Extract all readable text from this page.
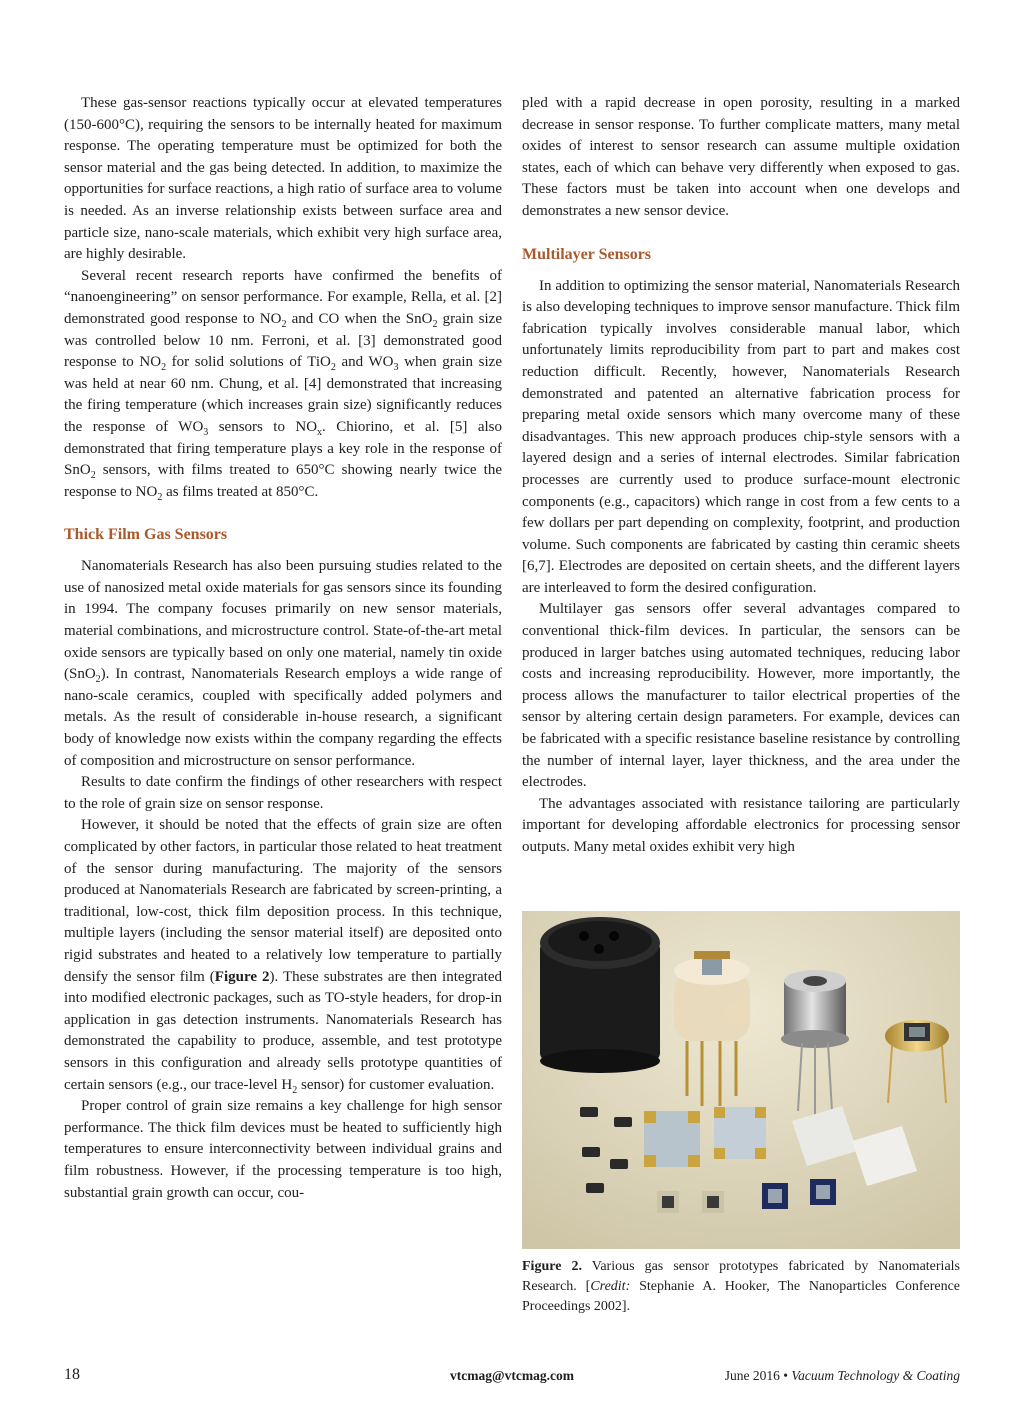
These gas-sensor reactions typically occur at elevated temperatures (150-600°C), requiring the sensors to be internally heated for maximum response. The operating temperature must be optimized for both the sensor material and the gas being detected. In addition, to maximize the opportunities for surface reactions, a high ratio of surface area to volume is needed. As an inverse relationship exists between surface area and particle size, nano-scale materials, which exhibit very high surface area, are highly desirable.

Several recent research reports have confirmed the benefits of “nanoengineering” on sensor performance. For example, Rella, et al. [2] demonstrated good response to $NO_2$ and CO when the SnO$_2$ grain size was controlled below 10 nm. Ferroni, et al. [3] demonstrated good response to $NO_2$ for solid solutions of TiO$_2$ and $WO_3$ when grain size was held at near 60 nm. Chung, et al. [4] demonstrated that increasing the firing temperature (which increases grain size) significantly reduces the response of $WO_3$ sensors to $NO_x$. Chiorino, et al. [5] also demonstrated that firing temperature plays a key role in the response of SnO$_2$ sensors, with films treated to 650°C showing nearly twice the response to $NO_2$ as films treated at 850°C.

Thick Film Gas Sensors

Nanomaterials Research has also been pursuing studies related to the use of nanosized metal oxide materials for gas sensors since its founding in 1994. The company focuses primarily on new sensor materials, material combinations, and microstructure control. State-of-the-art metal oxide sensors are typically based on only one material, namely tin oxide (SnO$_2$). In contrast, Nanomaterials Research employs a wide range of nano-scale ceramics, coupled with specifically added polymers and metals. As the result of considerable in-house research, a significant body of knowledge now exists within the company regarding the effects of composition and microstructure on sensor performance.

Results to date confirm the findings of other researchers with respect to the role of grain size on sensor response.

However, it should be noted that the effects of grain size are often complicated by other factors, in particular those related to heat treatment of the sensor during manufacturing. The majority of the sensors produced at Nanomaterials Research are fabricated by screen-printing, a traditional, low-cost, thick film deposition process. In this technique, multiple layers (including the sensor material itself) are deposited onto rigid substrates and heated to a relatively low temperature to partially densify the sensor film (Figure 2). These substrates are then integrated into modified electronic packages, such as TO-style headers, for drop-in application in gas detection instruments. Nanomaterials Research has demonstrated the capability to produce, assemble, and test prototype sensors in this configuration and already sells prototype quantities of certain sensors (e.g., our trace-level $H_2$ sensor) for customer evaluation.

Proper control of grain size remains a key challenge for high sensor performance. The thick film devices must be heated to sufficiently high temperatures to ensure interconnectivity between individual grains and film robustness. However, if the processing temperature is too high, substantial grain growth can occur, cou-

pled with a rapid decrease in open porosity, resulting in a marked decrease in sensor response. To further complicate matters, many metal oxides of interest to sensor research can assume multiple oxidation states, each of which can behave very differently when exposed to gas. These factors must be taken into account when one develops and demonstrates a new sensor device.

Multilayer Sensors

In addition to optimizing the sensor material, Nanomaterials Research is also developing techniques to improve sensor manufacture. Thick film fabrication typically involves considerable manual labor, which unfortunately limits reproducibility from part to part and makes cost reduction difficult. Recently, however, Nanomaterials Research demonstrated and patented an alternative fabrication process for preparing metal oxide sensors which many overcome many of these disadvantages. This new approach produces chip-style sensors with a layered design and a series of internal electrodes. Similar fabrication processes are currently used to produce surface-mount electronic components (e.g., capacitors) which range in cost from a few cents to a few dollars per part depending on complexity, footprint, and production volume. Such components are fabricated by casting thin ceramic sheets [6,7]. Electrodes are deposited on certain sheets, and the different layers are interleaved to form the desired configuration.

Multilayer gas sensors offer several advantages compared to conventional thick-film devices. In particular, the sensors can be produced in larger batches using automated techniques, reducing labor costs and increasing reproducibility. However, more importantly, the process allows the manufacturer to tailor electrical properties of the sensor by altering certain design parameters. For example, devices can be fabricated with a specific resistance baseline resistance by controlling the number of internal layer, layer thickness, and the area under the electrodes.

The advantages associated with resistance tailoring are particularly important for developing affordable electronics for processing sensor outputs. Many metal oxides exhibit very high

Figure 2. Various gas sensor prototypes fabricated by Nanomaterials Research. [Credit: Stephanie A. Hooker, The Nanoparticles Conference Proceedings 2002].

18	vtcmag@vtcmag.com	June 2016 • Vacuum Technology & Coating
